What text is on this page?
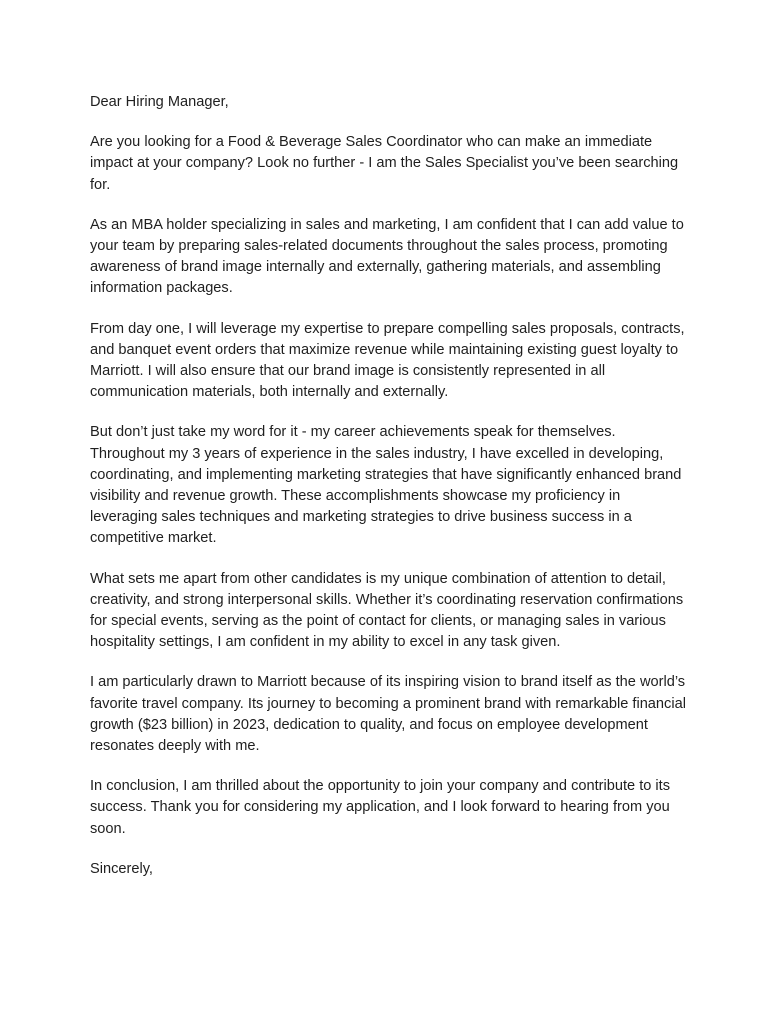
Dear Hiring Manager,

Are you looking for a Food & Beverage Sales Coordinator who can make an immediate impact at your company? Look no further - I am the Sales Specialist you’ve been searching for.

As an MBA holder specializing in sales and marketing, I am confident that I can add value to your team by preparing sales-related documents throughout the sales process, promoting awareness of brand image internally and externally, gathering materials, and assembling information packages.

From day one, I will leverage my expertise to prepare compelling sales proposals, contracts, and banquet event orders that maximize revenue while maintaining existing guest loyalty to Marriott. I will also ensure that our brand image is consistently represented in all communication materials, both internally and externally.

But don’t just take my word for it - my career achievements speak for themselves. Throughout my 3 years of experience in the sales industry, I have excelled in developing, coordinating, and implementing marketing strategies that have significantly enhanced brand visibility and revenue growth. These accomplishments showcase my proficiency in leveraging sales techniques and marketing strategies to drive business success in a competitive market.

What sets me apart from other candidates is my unique combination of attention to detail, creativity, and strong interpersonal skills. Whether it’s coordinating reservation confirmations for special events, serving as the point of contact for clients, or managing sales in various hospitality settings, I am confident in my ability to excel in any task given.

I am particularly drawn to Marriott because of its inspiring vision to brand itself as the world’s favorite travel company. Its journey to becoming a prominent brand with remarkable financial growth ($23 billion) in 2023, dedication to quality, and focus on employee development resonates deeply with me.

In conclusion, I am thrilled about the opportunity to join your company and contribute to its success. Thank you for considering my application, and I look forward to hearing from you soon.

Sincerely,
